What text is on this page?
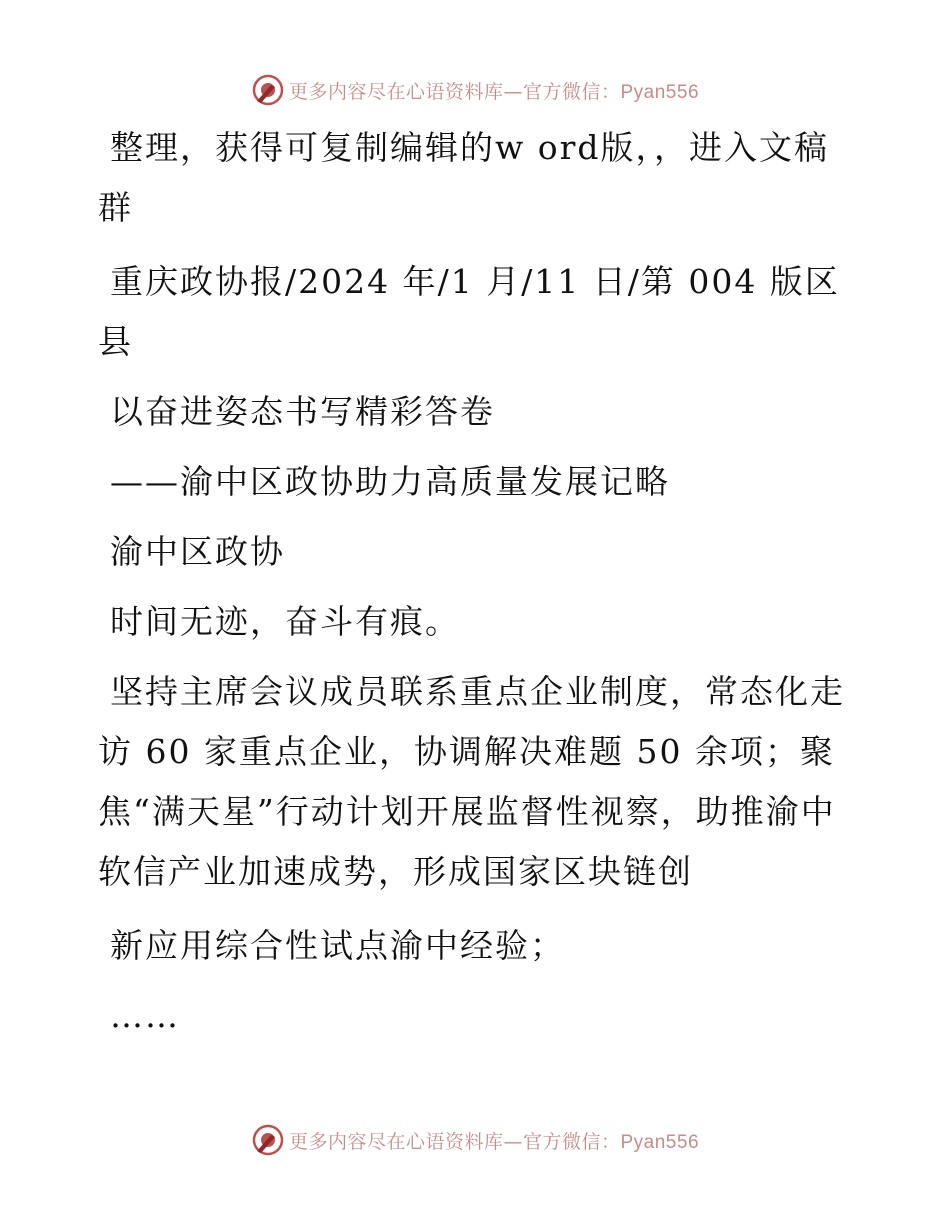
更多内容尽在心语资料库—官方微信：Pyan556

整理，获得可复制编辑的w ord版，，进入文稿群

重庆政协报/2024 年/1 月/11 日/第 004 版区县

以奋进姿态书写精彩答卷

——渝中区政协助力高质量发展记略

渝中区政协

时间无迹，奋斗有痕。

坚持主席会议成员联系重点企业制度，常态化走访 60 家重点企业，协调解决难题 50 余项；聚焦“满天星”行动计划开展监督性视察，助推渝中软信产业加速成势，形成国家区块链创

新应用综合性试点渝中经验；

……

更多内容尽在心语资料库—官方微信：Pyan556
